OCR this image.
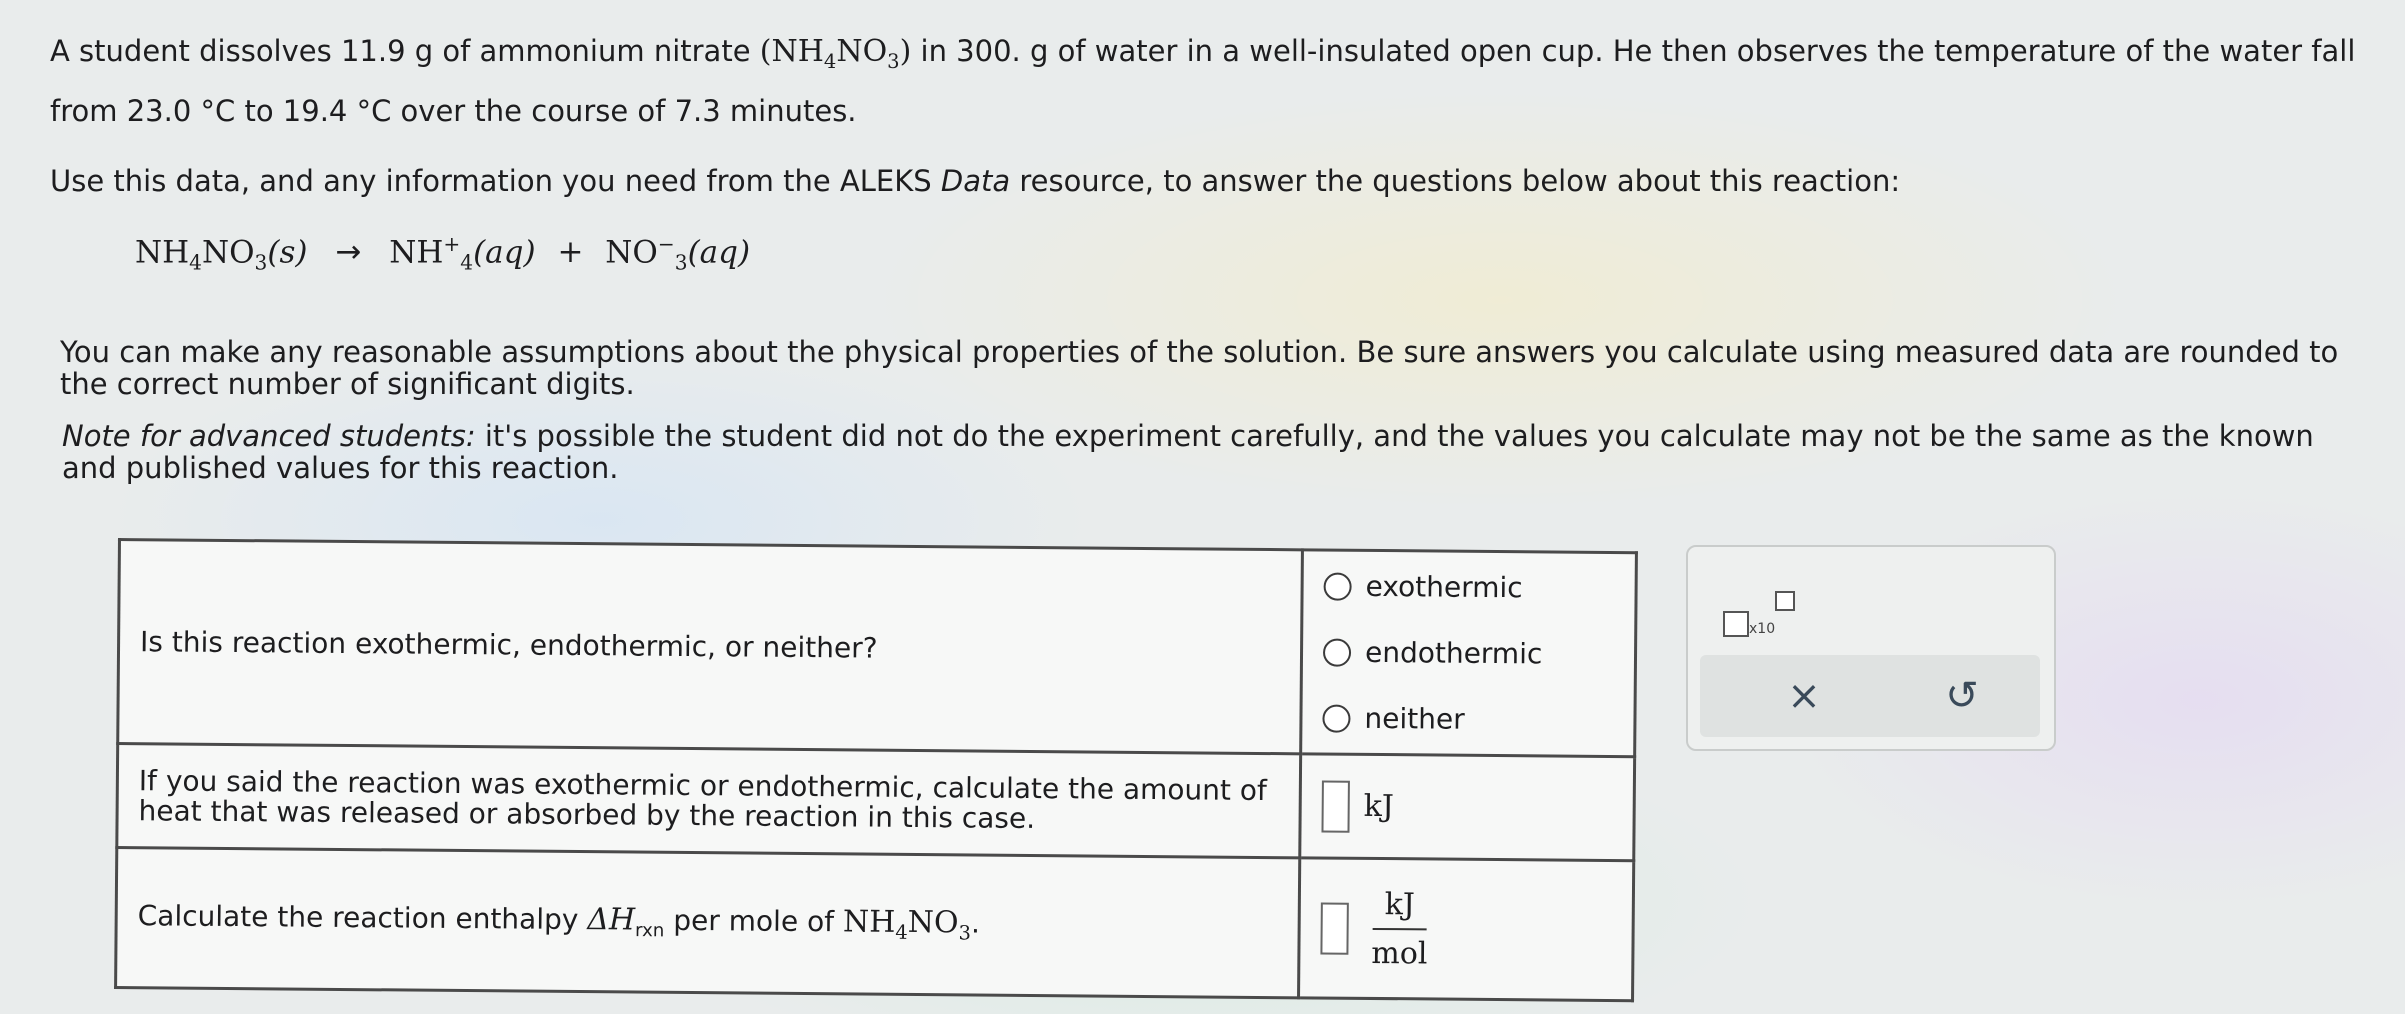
A student dissolves 11.9 g of ammonium nitrate $(NH_4NO_3)$ in 300. g of water in a well-insulated open cup. He then observes the temperature of the water fall

from 23.0 °C to 19.4 °C over the course of 7.3 minutes.

Use this data, and any information you need from the ALEKS Data resource, to answer the questions below about this reaction:

$NH_4NO_3(s) \to NH^+_4(aq) + NO^-_3(aq)$

You can make any reasonable assumptions about the physical properties of the solution. Be sure answers you calculate using measured data are rounded to the correct number of significant digits.

Note for advanced students: it's possible the student did not do the experiment carefully, and the values you calculate may not be the same as the known and published values for this reaction.

Is this reaction exothermic, endothermic, or neither?	exothermic
endothermic
neither

If you said the reaction was exothermic or endothermic, calculate the amount of heat that was released or absorbed by the reaction in this case.	kJ
Calculate the reaction enthalpy $\Delta H_{rxn}$ per mole of $NH_4NO_3$.	$\frac{kJ}{\text{mol}}$
x10
×	↺
